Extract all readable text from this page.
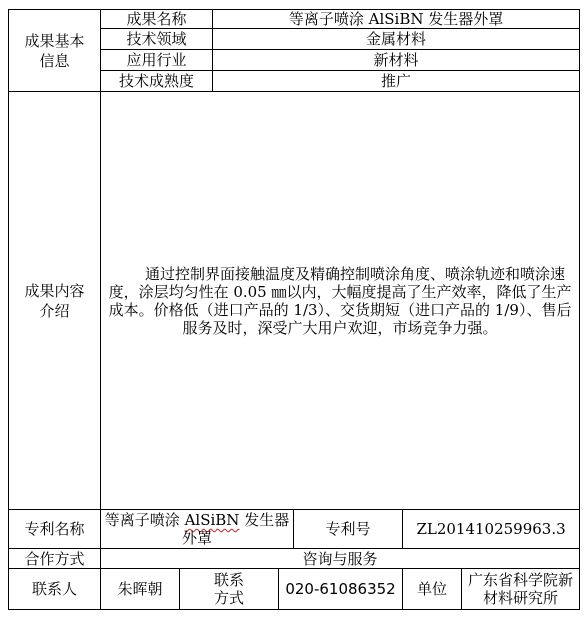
成果基本信息	成果名称		等离子喷涂 AlSiBN 发生器外罩				
	技术领域		金属材料				
	应用行业		新材料				
	技术成熟度		推广				
成果内容介绍	通过控制界面接触温度及精确控制喷涂角度、喷涂轨迹和喷涂速度，涂层均匀性在 0.05 ㎜以内，大幅度提高了生产效率，降低了生产成本。价格低（进口产品的 1/3）、交货期短（进口产品的 1/9）、售后服务及时，深受广大用户欢迎，市场竞争力强。						

专利名称	等离子喷涂 AlSiBN 发生器外罩				专利号	ZL201410259963.3	
合作方式	咨询与服务						
联系人	朱晖朝	联系方式		020-61086352		单位	广东省科学院新材料研究所
